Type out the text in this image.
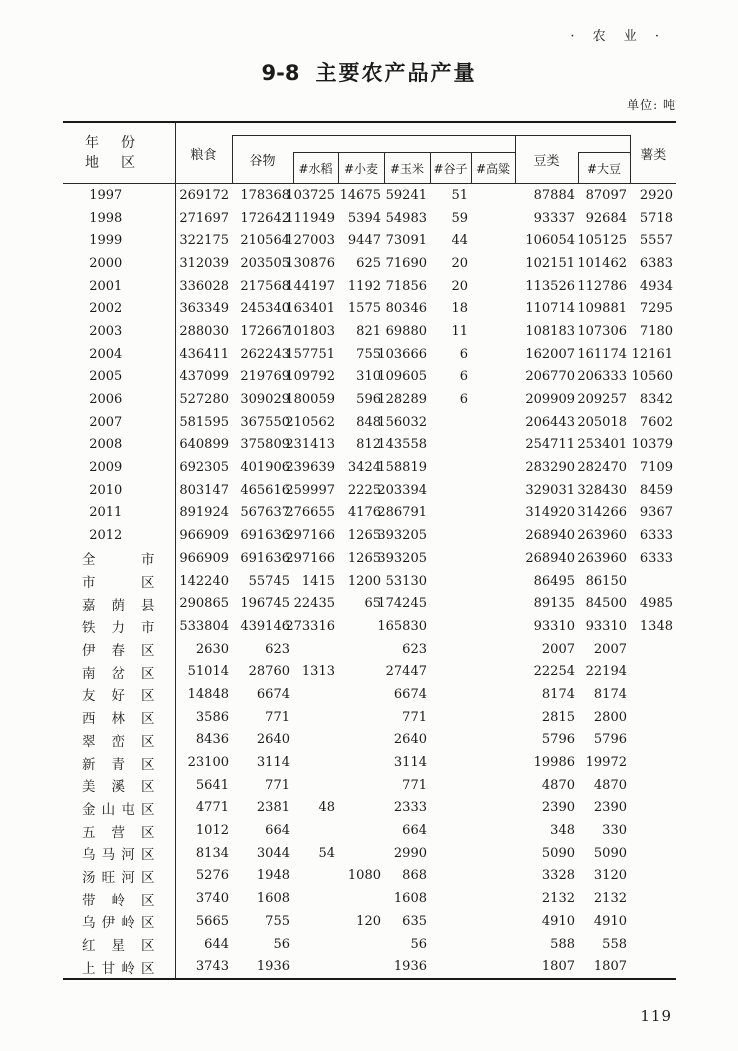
· 农 业 ·
9-8 主要农产品产量
单位: 吨
年份
地区	粮食									薯类
		谷物						豆类		
			#水稻	#小麦	#玉米	#谷子	#高粱		#大豆	
1997	269172	178368	103725	14675	59241	51		87884	87097	2920
1998	271697	172642	111949	5394	54983	59		93337	92684	5718
1999	322175	210564	127003	9447	73091	44		106054	105125	5557
2000	312039	203505	130876	625	71690	20		102151	101462	6383
2001	336028	217568	144197	1192	71856	20		113526	112786	4934
2002	363349	245340	163401	1575	80346	18		110714	109881	7295
2003	288030	172667	101803	821	69880	11		108183	107306	7180
2004	436411	262243	157751	755	103666	6		162007	161174	12161
2005	437099	219769	109792	310	109605	6		206770	206333	10560
2006	527280	309029	180059	596	128289	6		209909	209257	8342
2007	581595	367550	210562	848	156032			206443	205018	7602
2008	640899	375809	231413	812	143558			254711	253401	10379
2009	692305	401906	239639	3424	158819			283290	282470	7109
2010	803147	465616	259997	2225	203394			329031	328430	8459
2011	891924	567637	276655	4176	286791			314920	314266	9367
2012	966909	691636	297166	1265	393205			268940	263960	6333
全市	966909	691636	297166	1265	393205			268940	263960	6333
市区	142240	55745	1415	1200	53130			86495	86150	
嘉荫县	290865	196745	22435	65	174245			89135	84500	4985
铁力市	533804	439146	273316		165830			93310	93310	1348
伊春区	2630	623			623			2007	2007	
南岔区	51014	28760	1313		27447			22254	22194	
友好区	14848	6674			6674			8174	8174	
西林区	3586	771			771			2815	2800	
翠峦区	8436	2640			2640			5796	5796	
新青区	23100	3114			3114			19986	19972	
美溪区	5641	771			771			4870	4870	
金山屯区	4771	2381	48		2333			2390	2390	
五营区	1012	664			664			348	330	
乌马河区	8134	3044	54		2990			5090	5090	
汤旺河区	5276	1948		1080	868			3328	3120	
带岭区	3740	1608			1608			2132	2132	
乌伊岭区	5665	755		120	635			4910	4910	
红星区	644	56			56			588	558	
上甘岭区	3743	1936			1936			1807	1807	
119
